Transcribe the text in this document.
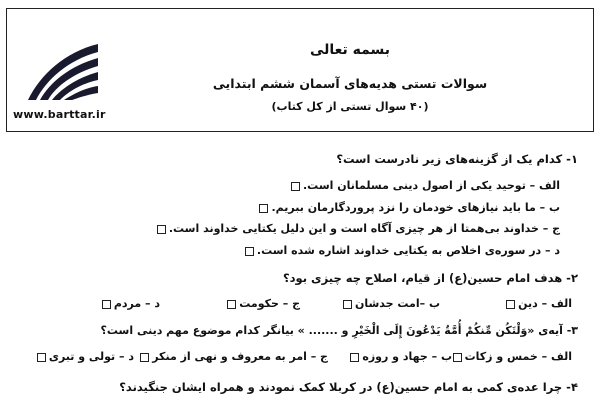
www.barttar.ir
بسمه تعالی
سوالات تستی هدیه‌های آسمان ششم ابتدایی
(۴۰ سوال تستی از کل کتاب)
۱- کدام یک از گزینه‌های زیر نادرست است؟
الف – توحید یکی از اصول دینی مسلمانان است.
ب – ما باید نیازهای خودمان را نزد پروردگارمان ببریم.
ج – خداوند بی‌همتا از هر چیزی آگاه است و این دلیل یکتایی خداوند است.
د – در سوره‌ی اخلاص به یکتایی خداوند اشاره شده است.
۲- هدف امام حسین(ع) از قیام، اصلاح چه چیزی بود؟
الف – دین
ب –امت جدشان
ج – حکومت
د – مردم
۳- آیه‌ی «وَلْتَكُن مِّنكُمْ أُمَّةٌ يَدْعُونَ إِلَى الْخَيْرِ و ....... » بیانگر کدام موضوع مهم دینی است؟
الف – خمس و زکات
ب – جهاد و روزه
ج – امر به معروف و نهی از منکر
د – تولی و تبری
۴- چرا عده‌ی کمی به امام حسین(ع) در کربلا کمک نمودند و همراه ایشان جنگیدند؟
